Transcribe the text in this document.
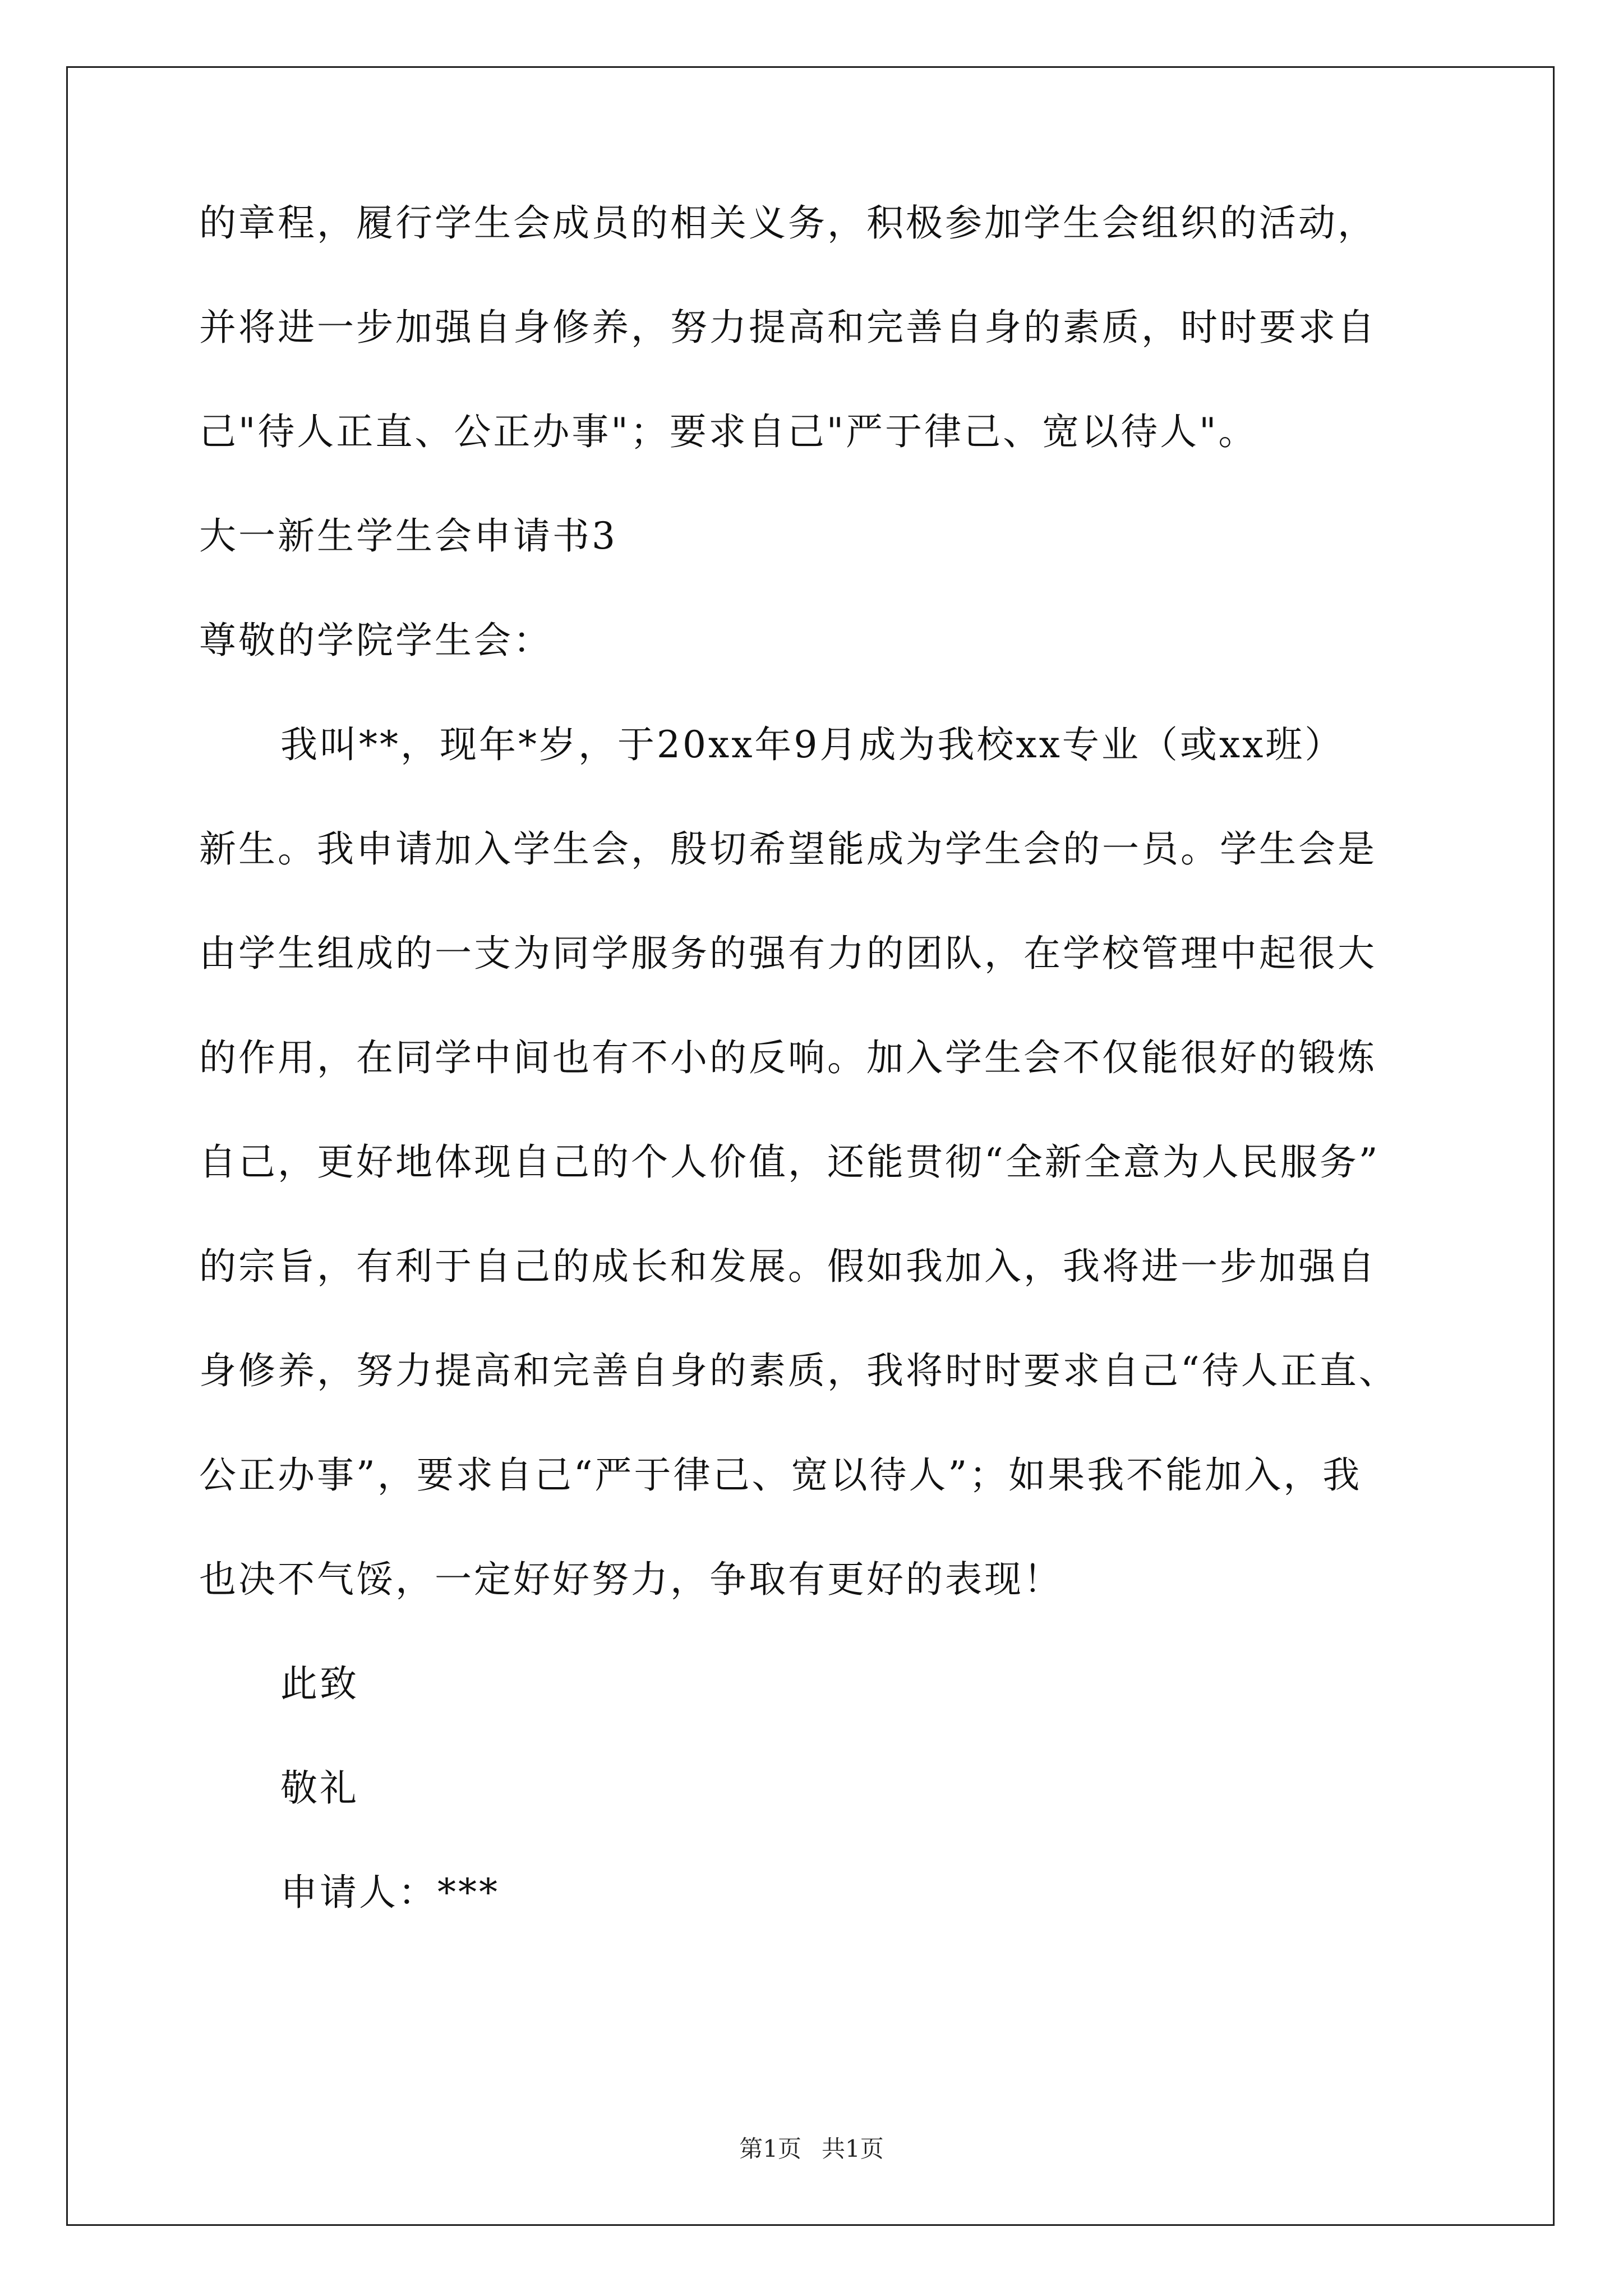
的章程，履行学生会成员的相关义务，积极参加学生会组织的活动，
并将进一步加强自身修养，努力提高和完善自身的素质，时时要求自
己"待人正直、公正办事"；要求自己"严于律己、宽以待人"。
大一新生学生会申请书3
尊敬的学院学生会：
我叫**，现年*岁，于20xx年9月成为我校xx专业（或xx班）
新生。我申请加入学生会，殷切希望能成为学生会的一员。学生会是
由学生组成的一支为同学服务的强有力的团队，在学校管理中起很大
的作用，在同学中间也有不小的反响。加入学生会不仅能很好的锻炼
自己，更好地体现自己的个人价值，还能贯彻“全新全意为人民服务”
的宗旨，有利于自己的成长和发展。假如我加入，我将进一步加强自
身修养，努力提高和完善自身的素质，我将时时要求自己“待人正直、
公正办事”，要求自己“严于律己、宽以待人”；如果我不能加入，我
也决不气馁，一定好好努力，争取有更好的表现！
此致
敬礼
申请人：***
第1页 共1页
